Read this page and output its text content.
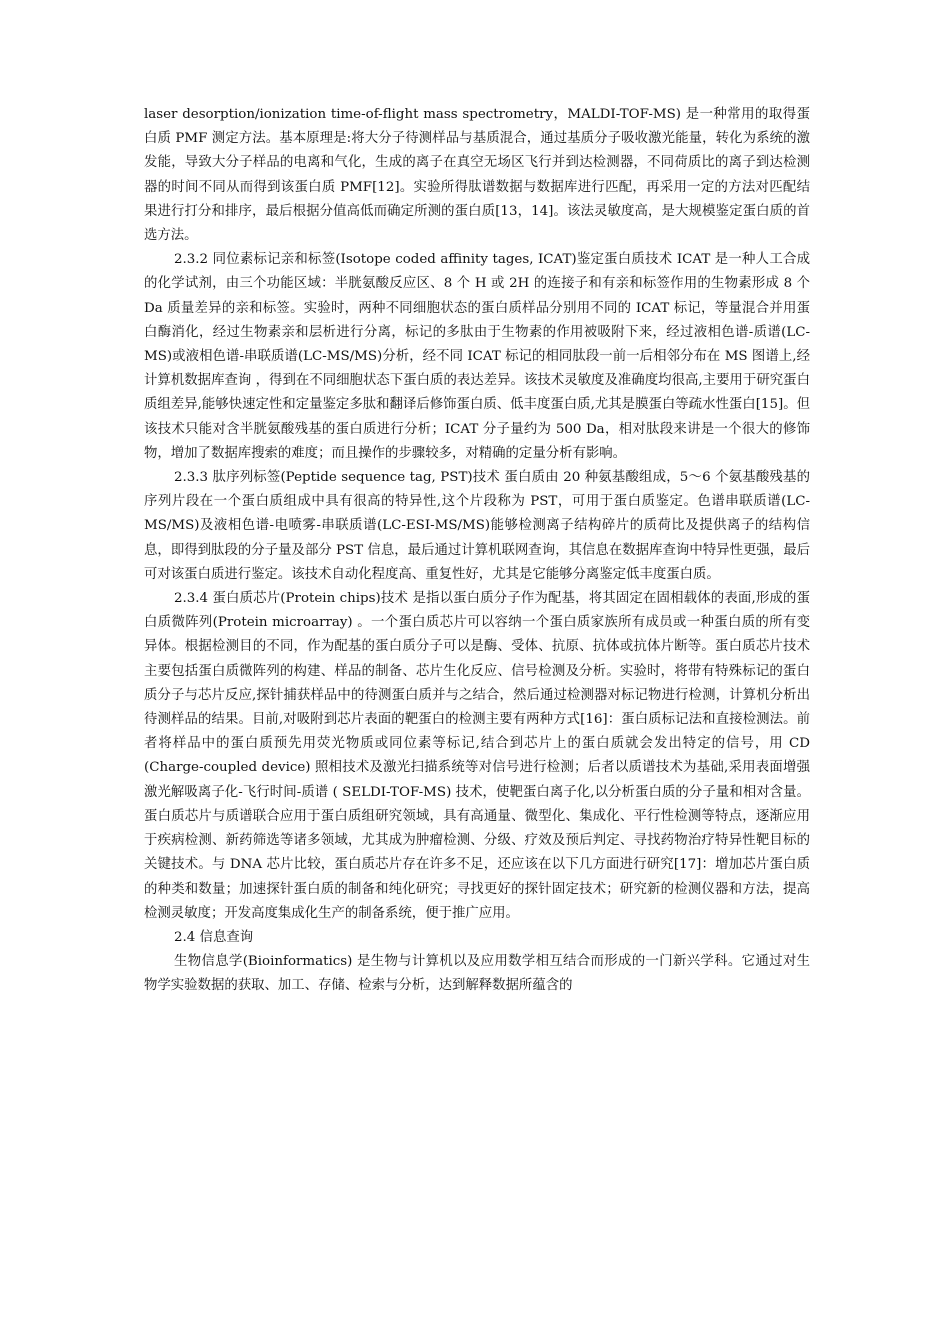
laser desorption/ionization time-of-flight mass spectrometry，MALDI-TOF-MS) 是一种常用的取得蛋白质 PMF 测定方法。基本原理是:将大分子待测样品与基质混合，通过基质分子吸收激光能量，转化为系统的激发能，导致大分子样品的电离和气化，生成的离子在真空无场区飞行并到达检测器，不同荷质比的离子到达检测器的时间不同从而得到该蛋白质 PMF[12]。实验所得肽谱数据与数据库进行匹配，再采用一定的方法对匹配结果进行打分和排序，最后根据分值高低而确定所测的蛋白质[13，14]。该法灵敏度高，是大规模鉴定蛋白质的首选方法。

2.3.2 同位素标记亲和标签(Isotope coded affinity tages, ICAT)鉴定蛋白质技术 ICAT 是一种人工合成的化学试剂，由三个功能区域：半胱氨酸反应区、8 个 H 或 2H 的连接子和有亲和标签作用的生物素形成 8 个 Da 质量差异的亲和标签。实验时，两种不同细胞状态的蛋白质样品分别用不同的 ICAT 标记，等量混合并用蛋白酶消化，经过生物素亲和层析进行分离，标记的多肽由于生物素的作用被吸附下来，经过液相色谱-质谱(LC-MS)或液相色谱-串联质谱(LC-MS/MS)分析，经不同 ICAT 标记的相同肽段一前一后相邻分布在 MS 图谱上,经计算机数据库查询 ，得到在不同细胞状态下蛋白质的表达差异。该技术灵敏度及准确度均很高,主要用于研究蛋白质组差异,能够快速定性和定量鉴定多肽和翻译后修饰蛋白质、低丰度蛋白质,尤其是膜蛋白等疏水性蛋白[15]。但该技术只能对含半胱氨酸残基的蛋白质进行分析；ICAT 分子量约为 500 Da，相对肽段来讲是一个很大的修饰物，增加了数据库搜索的难度；而且操作的步骤较多，对精确的定量分析有影响。

2.3.3 肽序列标签(Peptide sequence tag, PST)技术 蛋白质由 20 种氨基酸组成，5～6 个氨基酸残基的序列片段在一个蛋白质组成中具有很高的特异性,这个片段称为 PST，可用于蛋白质鉴定。色谱串联质谱(LC-MS/MS)及液相色谱-电喷雾-串联质谱(LC-ESI-MS/MS)能够检测离子结构碎片的质荷比及提供离子的结构信息，即得到肽段的分子量及部分 PST 信息，最后通过计算机联网查询，其信息在数据库查询中特异性更强，最后可对该蛋白质进行鉴定。该技术自动化程度高、重复性好，尤其是它能够分离鉴定低丰度蛋白质。

2.3.4 蛋白质芯片(Protein chips)技术 是指以蛋白质分子作为配基，将其固定在固相载体的表面,形成的蛋白质微阵列(Protein microarray) 。一个蛋白质芯片可以容纳一个蛋白质家族所有成员或一种蛋白质的所有变异体。根据检测目的不同，作为配基的蛋白质分子可以是酶、受体、抗原、抗体或抗体片断等。蛋白质芯片技术主要包括蛋白质微阵列的构建、样品的制备、芯片生化反应、信号检测及分析。实验时，将带有特殊标记的蛋白质分子与芯片反应,探针捕获样品中的待测蛋白质并与之结合，然后通过检测器对标记物进行检测，计算机分析出待测样品的结果。目前,对吸附到芯片表面的靶蛋白的检测主要有两种方式[16]：蛋白质标记法和直接检测法。前者将样品中的蛋白质预先用荧光物质或同位素等标记,结合到芯片上的蛋白质就会发出特定的信号，用 CD (Charge-coupled device) 照相技术及激光扫描系统等对信号进行检测；后者以质谱技术为基础,采用表面增强激光解吸离子化-飞行时间-质谱 ( SELDI-TOF-MS) 技术，使靶蛋白离子化,以分析蛋白质的分子量和相对含量。蛋白质芯片与质谱联合应用于蛋白质组研究领域，具有高通量、微型化、集成化、平行性检测等特点，逐渐应用于疾病检测、新药筛选等诸多领域，尤其成为肿瘤检测、分级、疗效及预后判定、寻找药物治疗特异性靶目标的关键技术。与 DNA 芯片比较，蛋白质芯片存在许多不足，还应该在以下几方面进行研究[17]：增加芯片蛋白质的种类和数量；加速探针蛋白质的制备和纯化研究；寻找更好的探针固定技术；研究新的检测仪器和方法，提高检测灵敏度；开发高度集成化生产的制备系统，便于推广应用。

2.4 信息查询

生物信息学(Bioinformatics) 是生物与计算机以及应用数学相互结合而形成的一门新兴学科。它通过对生物学实验数据的获取、加工、存储、检索与分析，达到解释数据所蕴含的
